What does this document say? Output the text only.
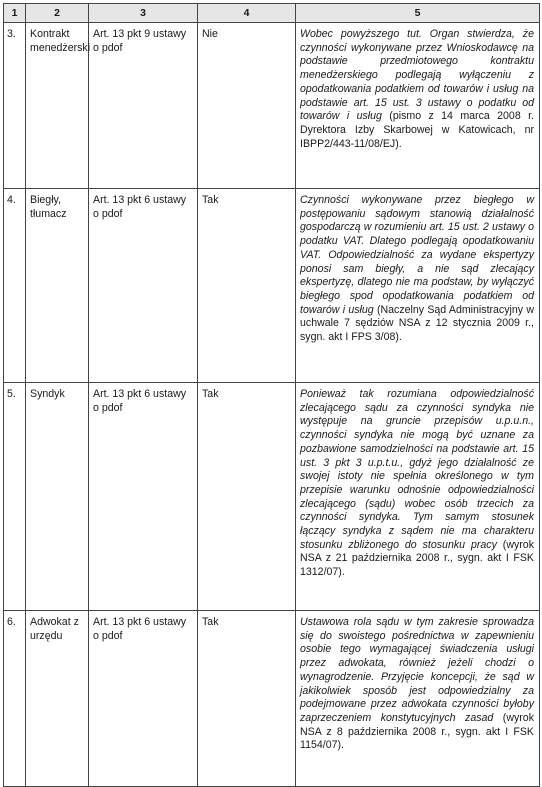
1	2	3	4	5
3.	Kontrakt menedżerski	Art. 13 pkt 9 ustawy o pdof	Nie	Wobec powyższego tut. Organ stwierdza, że czynności wykonywane przez Wnioskodawcę na podstawie przedmiotowego kontraktu menedżerskiego podlegają wyłączeniu z opodatkowania podatkiem od towarów i usług na podstawie art. 15 ust. 3 ustawy o podatku od towarów i usług (pismo z 14 marca 2008 r. Dyrektora Izby Skarbowej w Katowicach, nr IBPP2/443-11/08/EJ).
4.	Biegły, tłumacz	Art. 13 pkt 6 ustawy o pdof	Tak	Czynności wykonywane przez biegłego w postępowaniu sądowym stanowią działalność gospodarczą w rozumieniu art. 15 ust. 2 ustawy o podatku VAT. Dlatego podlegają opodatkowaniu VAT. Odpowiedzialność za wydane ekspertyzy ponosi sam biegły, a nie sąd zlecający ekspertyzę, dlatego nie ma podstaw, by wyłączyć biegłego spod opodatkowania podatkiem od towarów i usług (Naczelny Sąd Administracyjny w uchwale 7 sędziów NSA z 12 stycznia 2009 r., sygn. akt I FPS 3/08).
5.	Syndyk	Art. 13 pkt 6 ustawy o pdof	Tak	Ponieważ tak rozumiana odpowiedzialność zlecającego sądu za czynności syndyka nie występuje na gruncie przepisów u.p.u.n., czynności syndyka nie mogą być uznane za pozbawione samodzielności na podstawie art. 15 ust. 3 pkt 3 u.p.t.u., gdyż jego działalność ze swojej istoty nie spełnia określonego w tym przepisie warunku odnośnie odpowiedzialności zlecającego (sądu) wobec osób trzecich za czynności syndyka. Tym samym stosunek łączący syndyka z sądem nie ma charakteru stosunku zbliżonego do stosunku pracy (wyrok NSA z 21 października 2008 r., sygn. akt I FSK 1312/07).
6.	Adwokat z urzędu	Art. 13 pkt 6 ustawy o pdof	Tak	Ustawowa rola sądu w tym zakresie sprowadza się do swoistego pośrednictwa w zapewnieniu osobie tego wymagającej świadczenia usługi przez adwokata, również jeżeli chodzi o wynagrodzenie. Przyjęcie koncepcji, że sąd w jakikolwiek sposób jest odpowiedzialny za podejmowane przez adwokata czynności byłoby zaprzeczeniem konstytucyjnych zasad (wyrok NSA z 8 października 2008 r., sygn. akt I FSK 1154/07).
